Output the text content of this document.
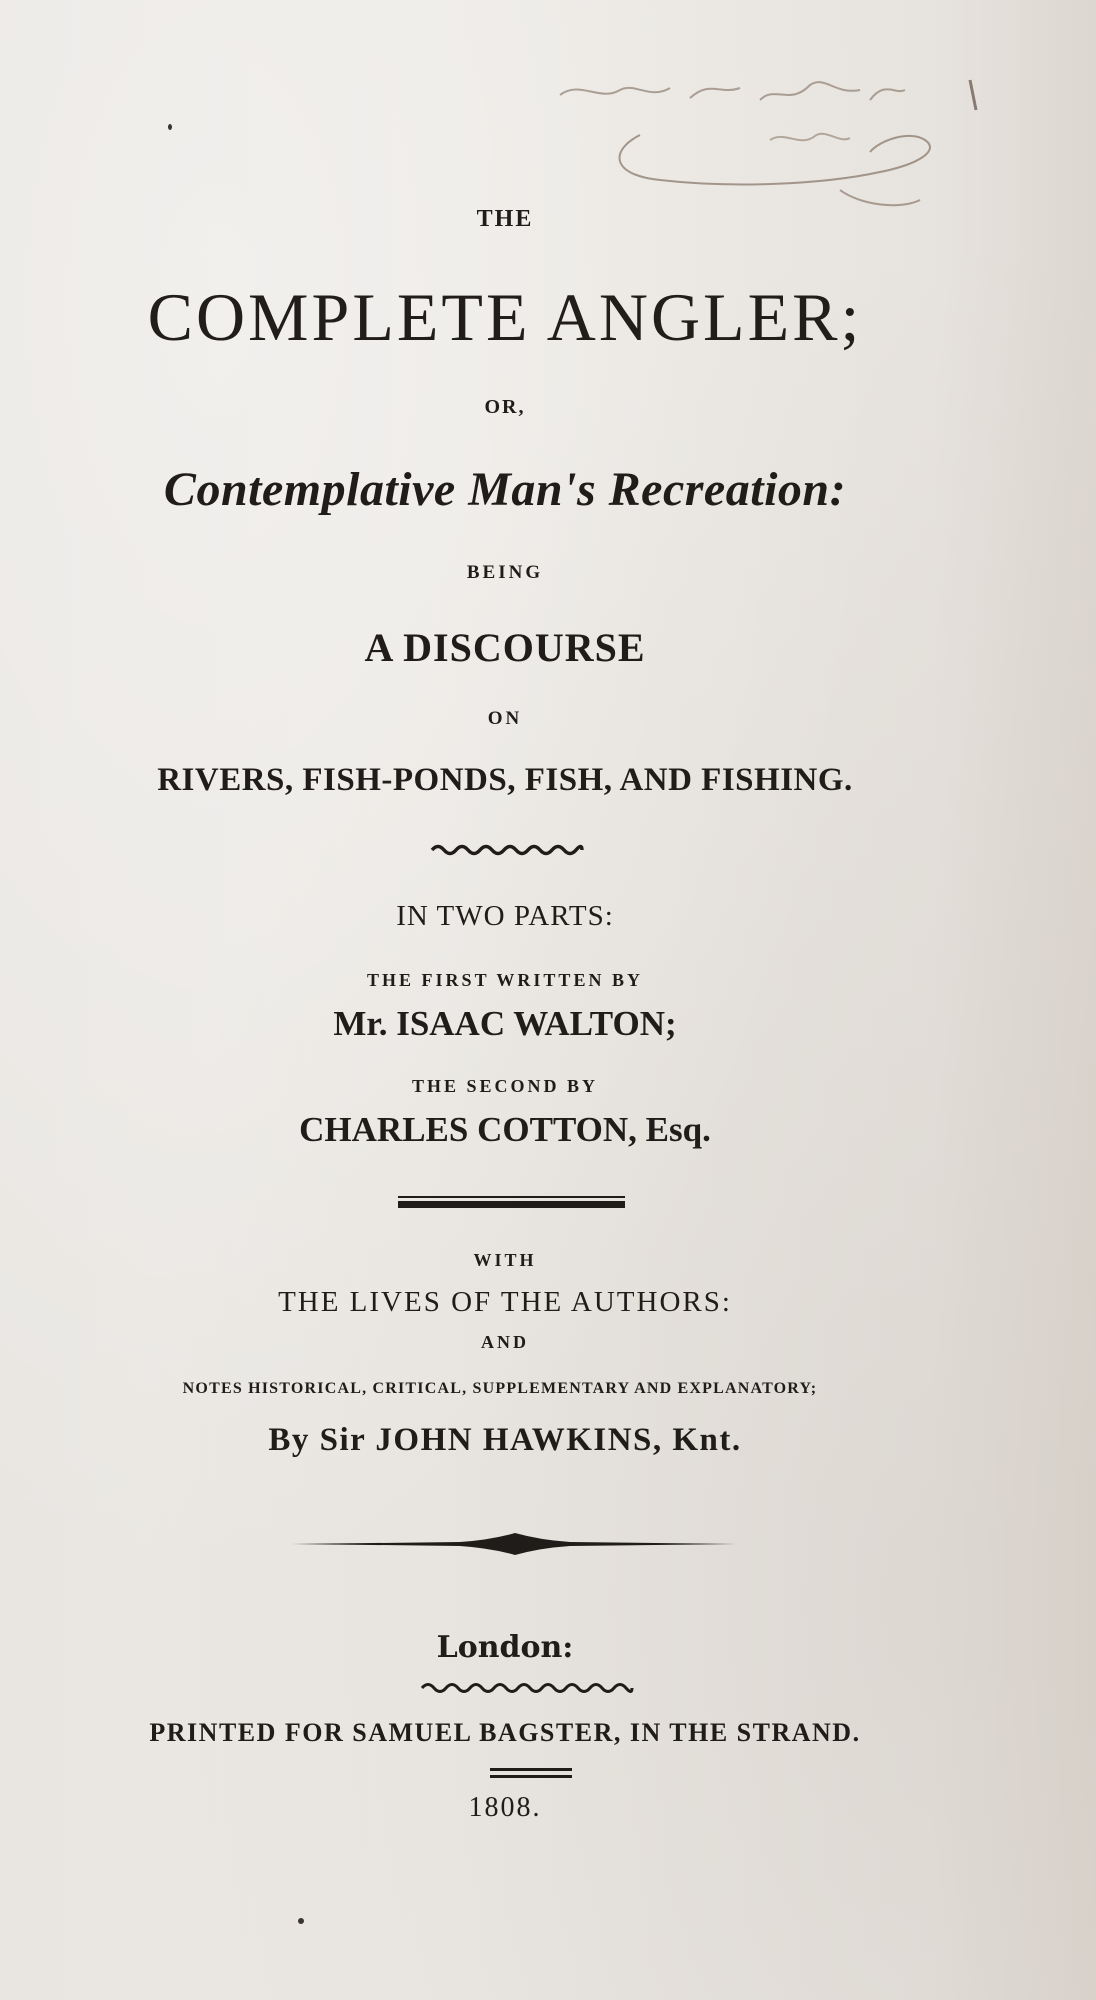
THE
COMPLETE ANGLER;
OR,
Contemplative Man's Recreation:
BEING
A DISCOURSE
ON
RIVERS, FISH-PONDS, FISH, AND FISHING.
IN TWO PARTS:
THE FIRST WRITTEN BY
Mr. ISAAC WALTON;
THE SECOND BY
CHARLES COTTON, Esq.
WITH
THE LIVES OF THE AUTHORS:
AND
NOTES HISTORICAL, CRITICAL, SUPPLEMENTARY AND EXPLANATORY;
By Sir JOHN HAWKINS, Knt.
London:
PRINTED FOR SAMUEL BAGSTER, IN THE STRAND.
1808.
